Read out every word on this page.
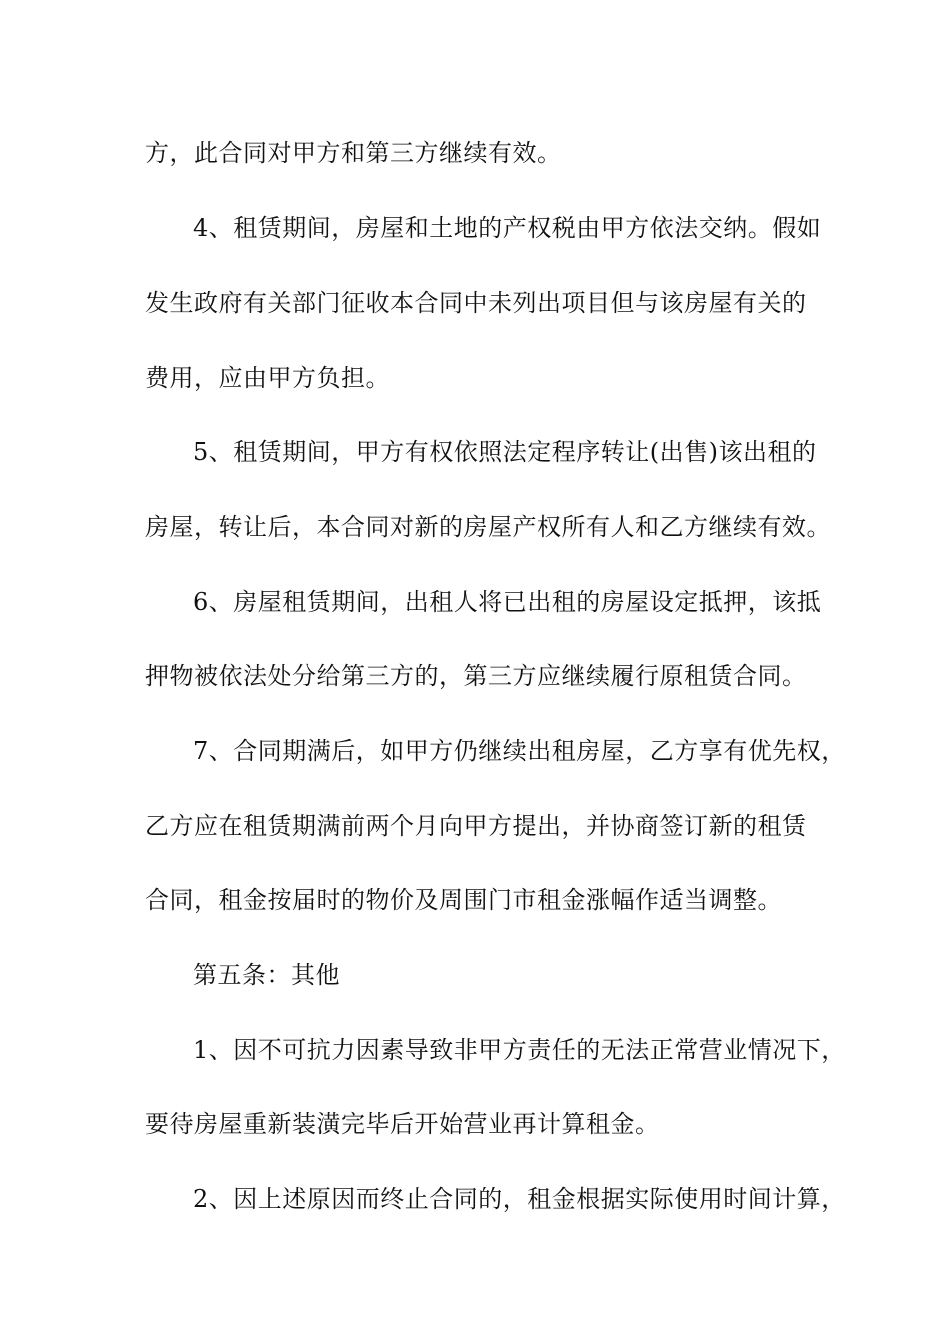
方，此合同对甲方和第三方继续有效。
4、租赁期间，房屋和土地的产权税由甲方依法交纳。假如
发生政府有关部门征收本合同中未列出项目但与该房屋有关的
费用，应由甲方负担。
5、租赁期间，甲方有权依照法定程序转让(出售)该出租的
房屋，转让后，本合同对新的房屋产权所有人和乙方继续有效。
6、房屋租赁期间，出租人将已出租的房屋设定抵押，该抵
押物被依法处分给第三方的，第三方应继续履行原租赁合同。
7、合同期满后，如甲方仍继续出租房屋，乙方享有优先权，
乙方应在租赁期满前两个月向甲方提出，并协商签订新的租赁
合同，租金按届时的物价及周围门市租金涨幅作适当调整。
第五条：其他
1、因不可抗力因素导致非甲方责任的无法正常营业情况下，
要待房屋重新装潢完毕后开始营业再计算租金。
2、因上述原因而终止合同的，租金根据实际使用时间计算，
